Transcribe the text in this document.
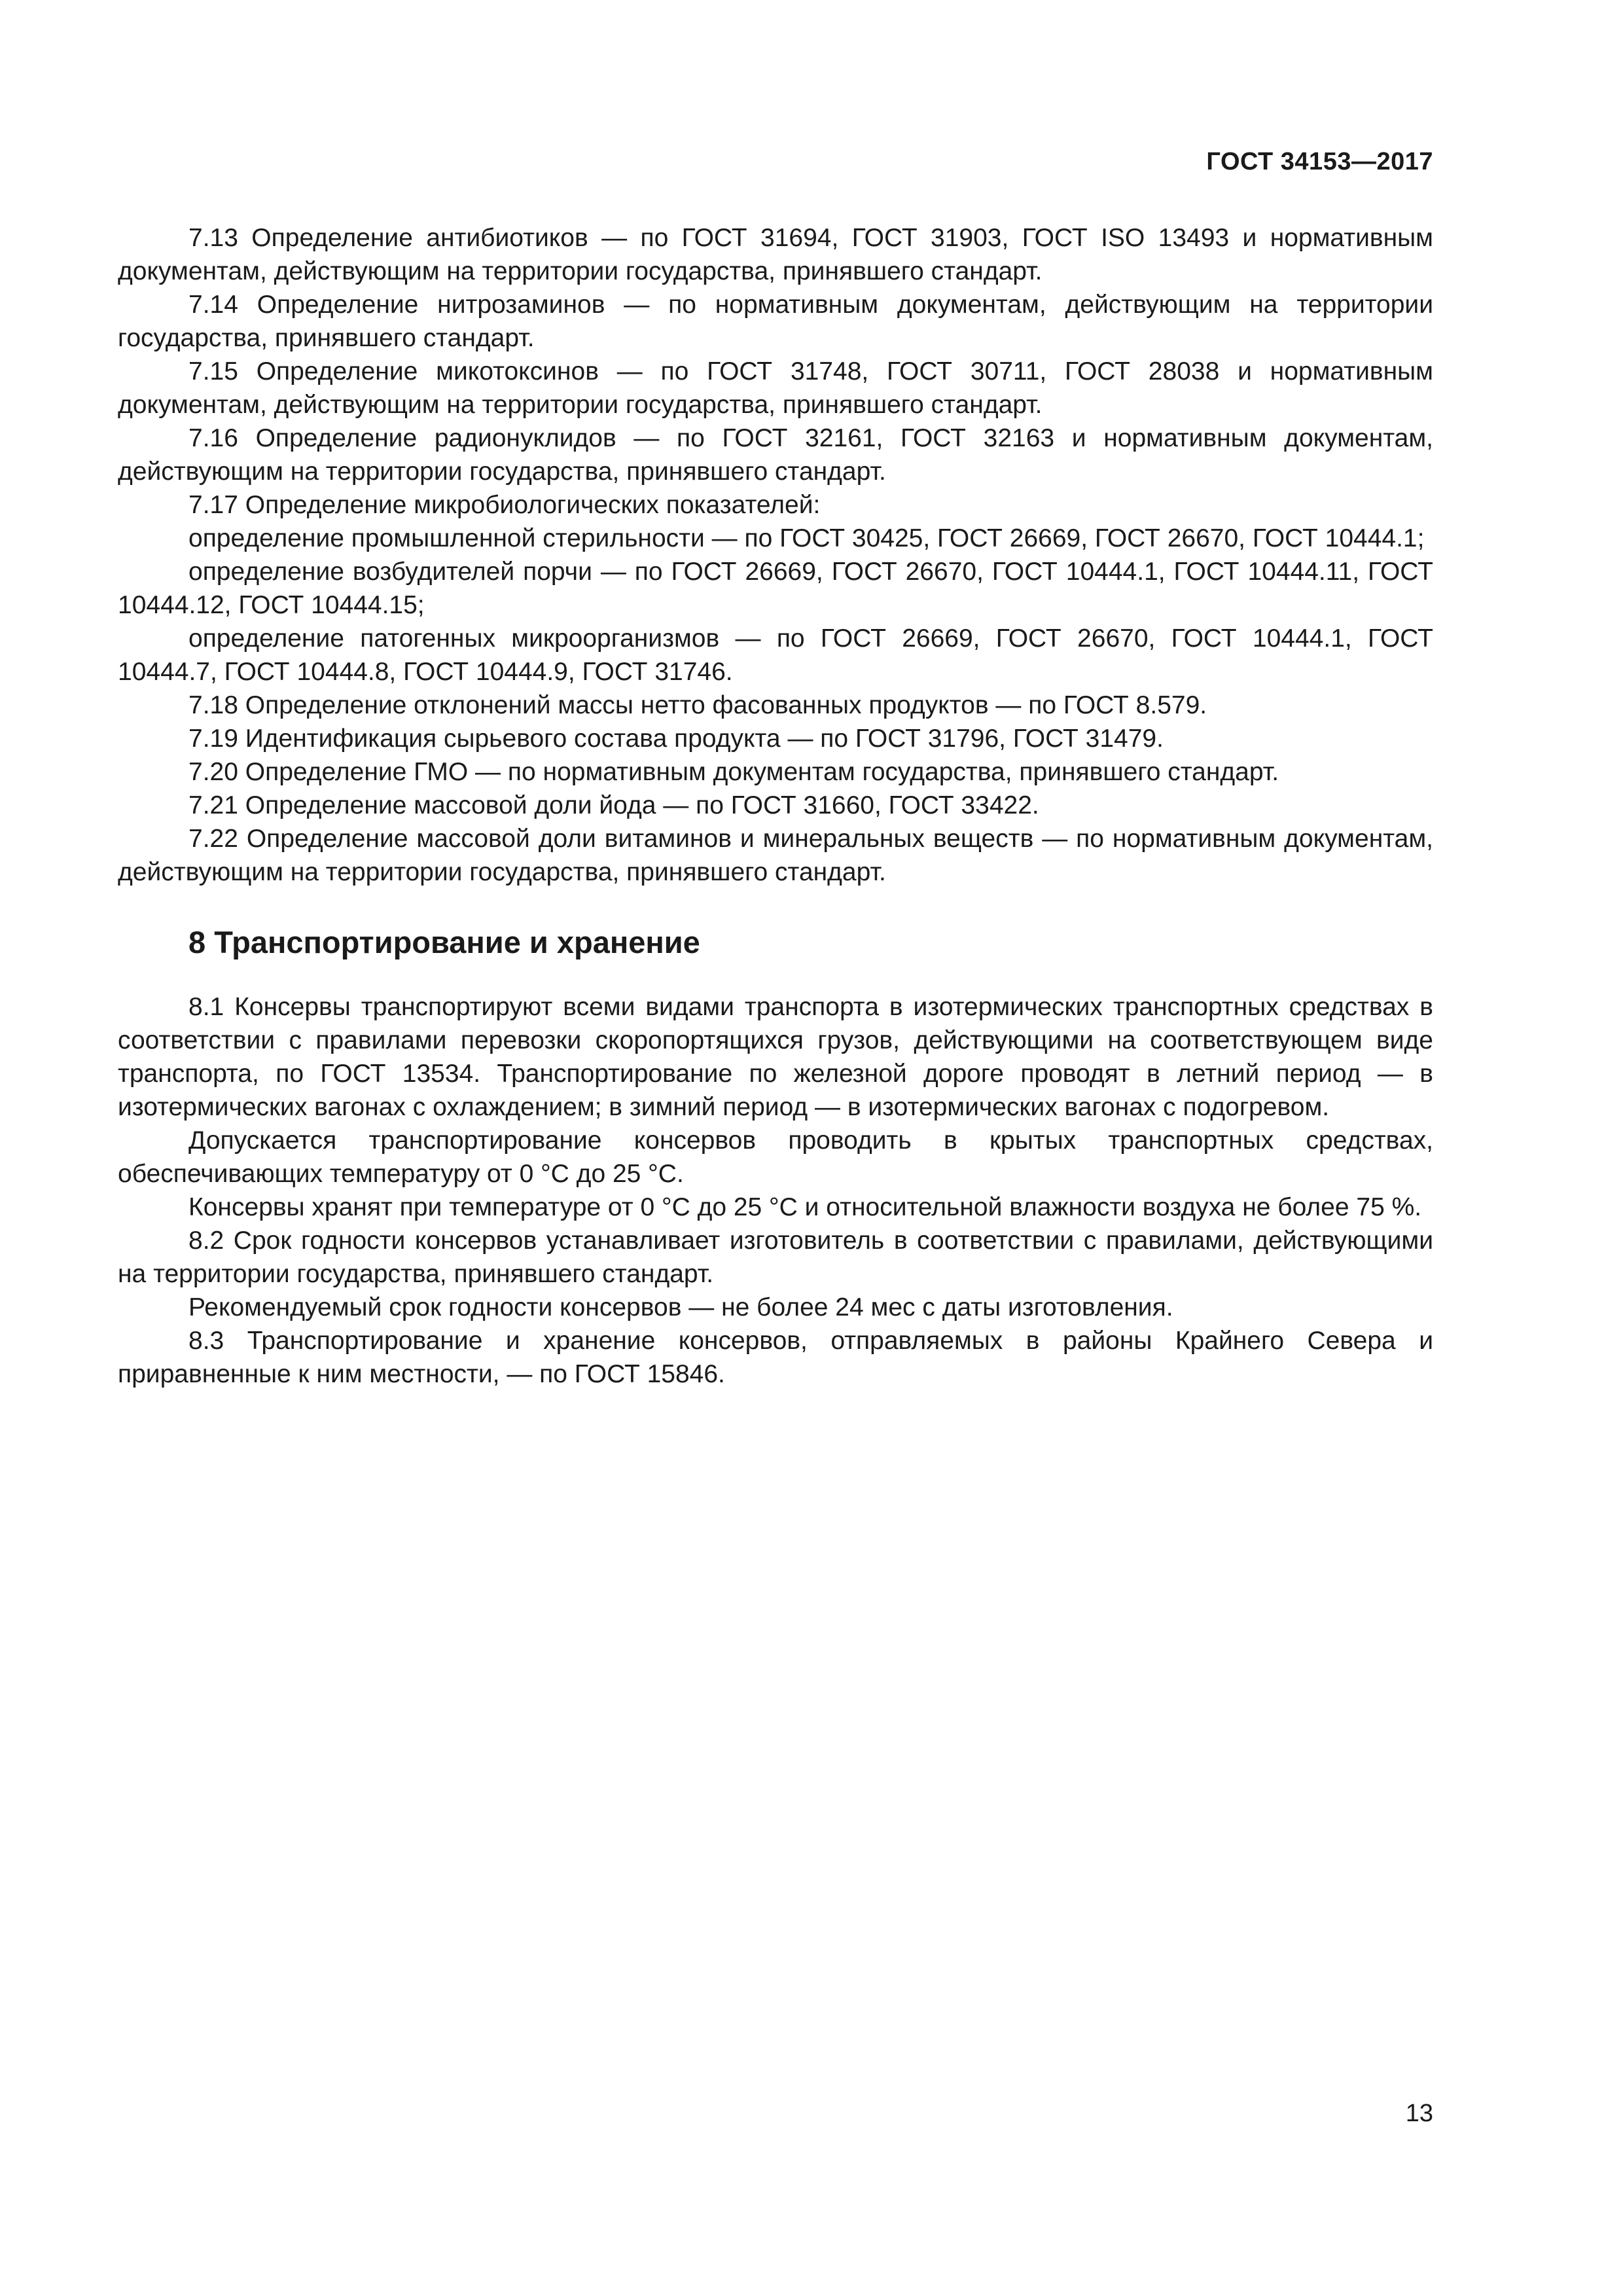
ГОСТ 34153—2017

7.13 Определение антибиотиков — по ГОСТ 31694, ГОСТ 31903, ГОСТ ISO 13493 и нормативным документам, действующим на территории государства, принявшего стандарт.

7.14 Определение нитрозаминов — по нормативным документам, действующим на территории государства, принявшего стандарт.

7.15 Определение микотоксинов — по ГОСТ 31748, ГОСТ 30711, ГОСТ 28038 и нормативным документам, действующим на территории государства, принявшего стандарт.

7.16 Определение радионуклидов — по ГОСТ 32161, ГОСТ 32163 и нормативным документам, действующим на территории государства, принявшего стандарт.

7.17 Определение микробиологических показателей:

определение промышленной стерильности — по ГОСТ 30425, ГОСТ 26669, ГОСТ 26670, ГОСТ 10444.1;

определение возбудителей порчи — по ГОСТ 26669, ГОСТ 26670, ГОСТ 10444.1, ГОСТ 10444.11, ГОСТ 10444.12, ГОСТ 10444.15;

определение патогенных микроорганизмов — по ГОСТ 26669, ГОСТ 26670, ГОСТ 10444.1, ГОСТ 10444.7, ГОСТ 10444.8, ГОСТ 10444.9, ГОСТ 31746.

7.18 Определение отклонений массы нетто фасованных продуктов — по ГОСТ 8.579.

7.19 Идентификация сырьевого состава продукта — по ГОСТ 31796, ГОСТ 31479.

7.20 Определение ГМО — по нормативным документам государства, принявшего стандарт.

7.21 Определение массовой доли йода — по ГОСТ 31660, ГОСТ 33422.

7.22 Определение массовой доли витаминов и минеральных веществ — по нормативным документам, действующим на территории государства, принявшего стандарт.

8 Транспортирование и хранение

8.1 Консервы транспортируют всеми видами транспорта в изотермических транспортных средствах в соответствии с правилами перевозки скоропортящихся грузов, действующими на соответствующем виде транспорта, по ГОСТ 13534. Транспортирование по железной дороге проводят в летний период — в изотермических вагонах с охлаждением; в зимний период — в изотермических вагонах с подогревом.

Допускается транспортирование консервов проводить в крытых транспортных средствах, обеспечивающих температуру от 0 °С до 25 °С.

Консервы хранят при температуре от 0 °С до 25 °С и относительной влажности воздуха не более 75 %.

8.2 Срок годности консервов устанавливает изготовитель в соответствии с правилами, действующими на территории государства, принявшего стандарт.

Рекомендуемый срок годности консервов — не более 24 мес с даты изготовления.

8.3 Транспортирование и хранение консервов, отправляемых в районы Крайнего Севера и приравненные к ним местности, — по ГОСТ 15846.

13
